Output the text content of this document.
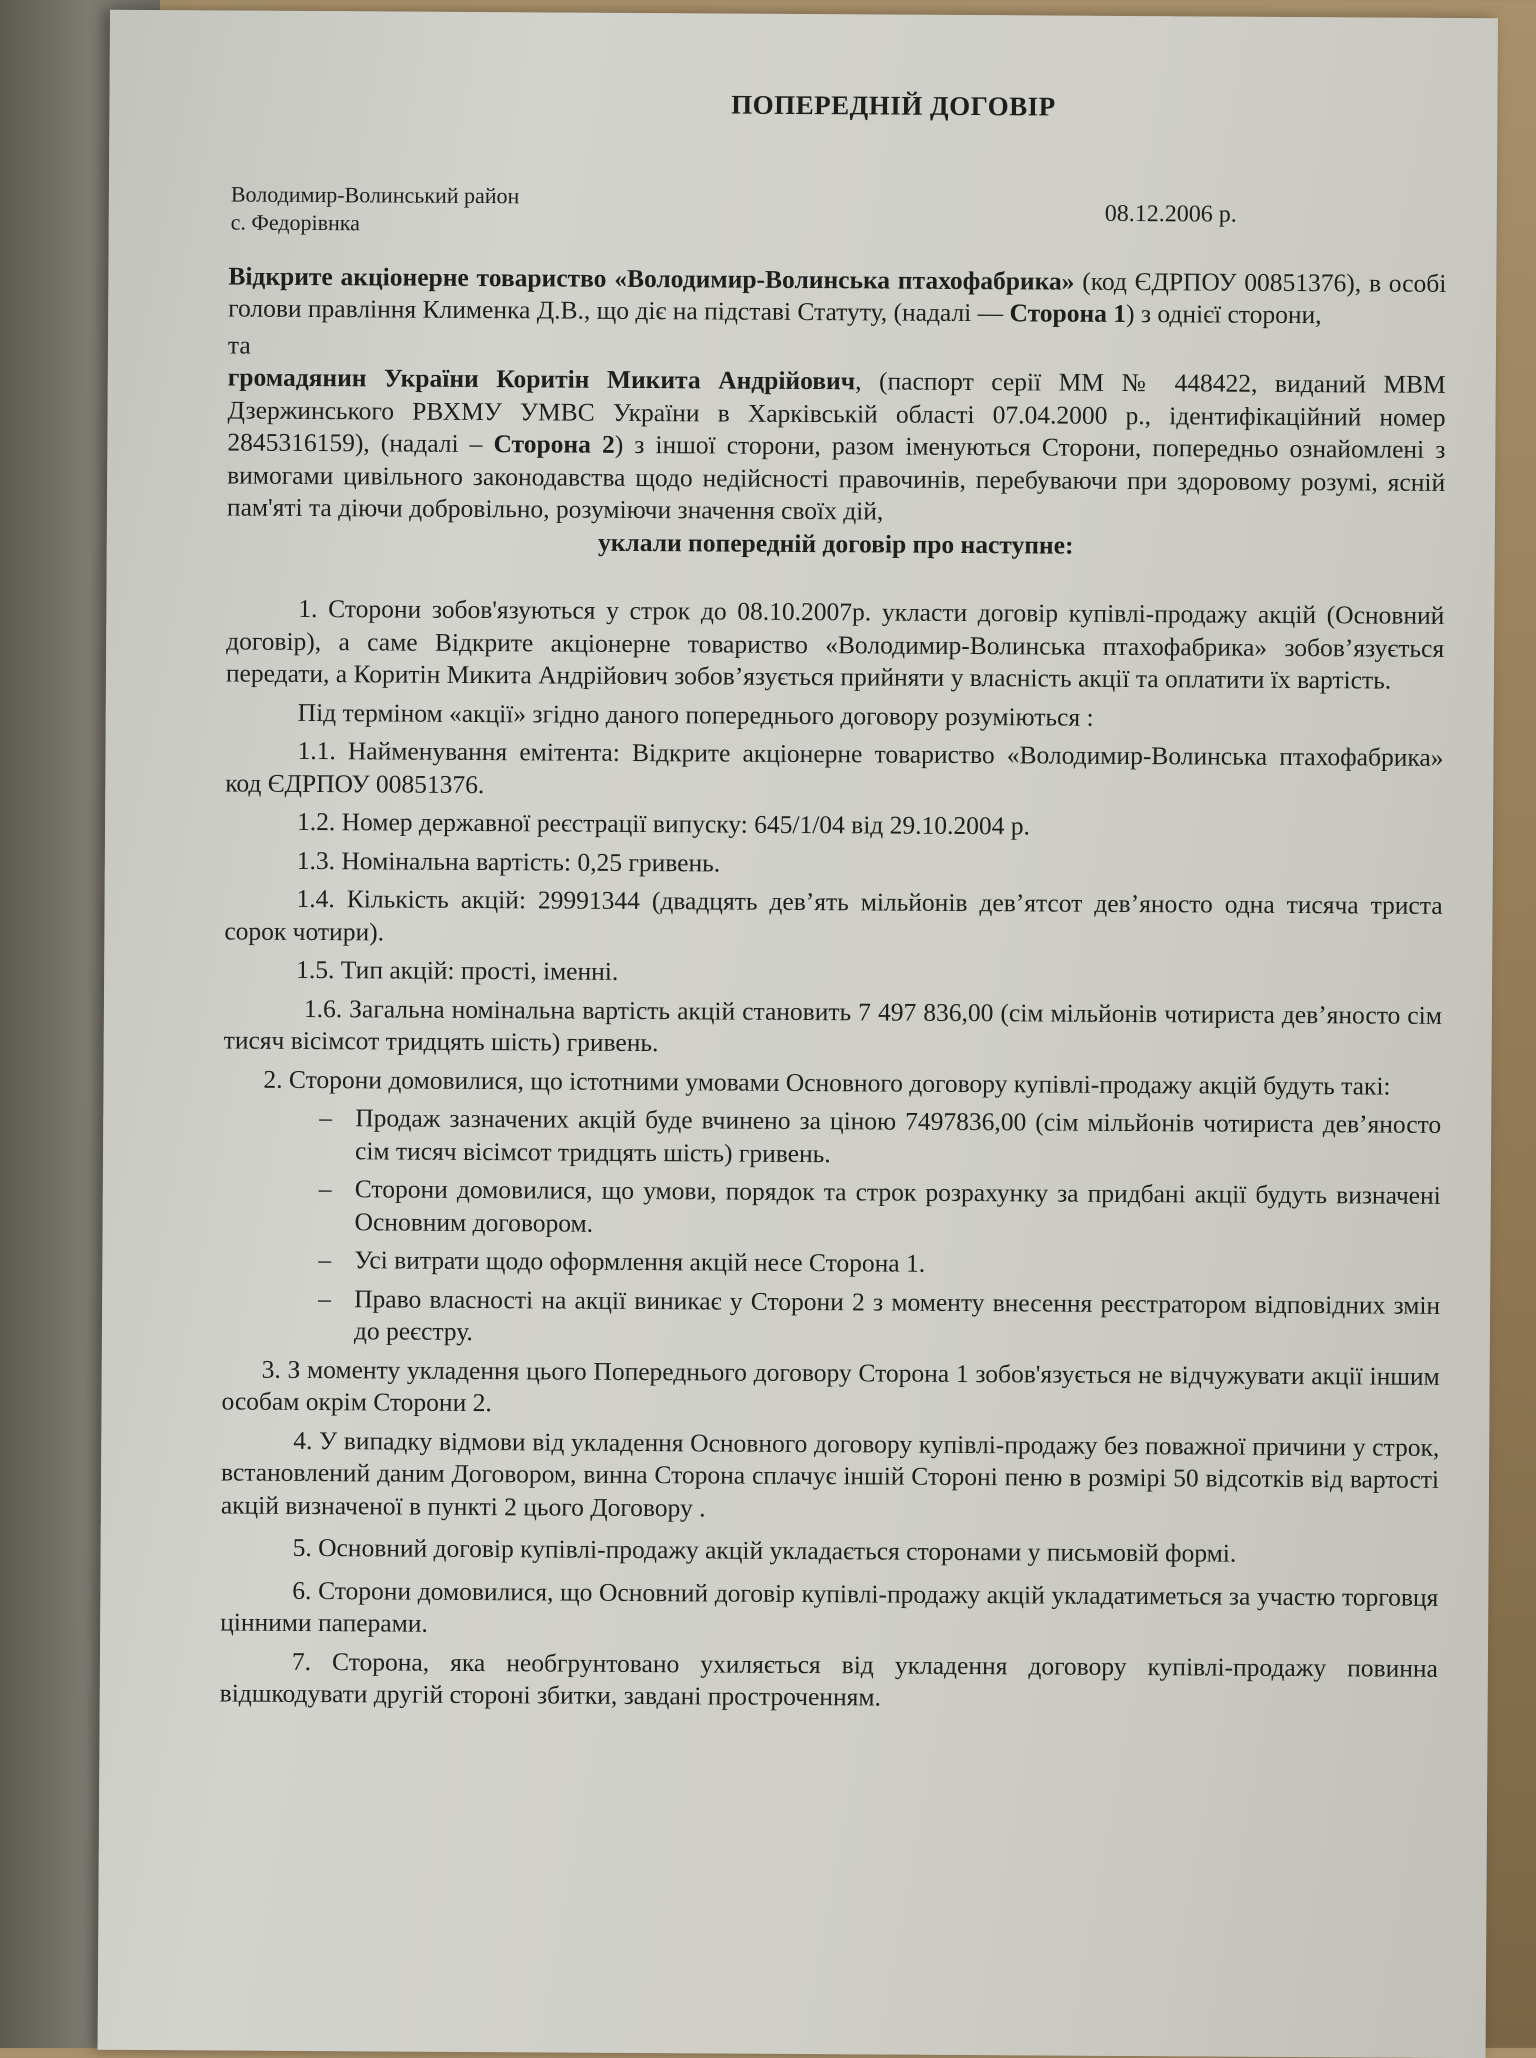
ПОПЕРЕДНІЙ ДОГОВІР
Володимир-Волинський район
с. Федорівнка	08.12.2006 р.

Відкрите акціонерне товариство «Володимир-Волинська птахофабрика» (код ЄДРПОУ 00851376), в особі голови правління Клименка Д.В., що діє на підставі Статуту, (надалі — Сторона 1) з однієї сторони,

та

громадянин України Коритін Микита Андрійович, (паспорт серії ММ № 448422, виданий МВМ Дзержинського РВХМУ УМВС України в Харківській області 07.04.2000 р., ідентифікаційний номер 2845316159), (надалі – Сторона 2) з іншої сторони, разом іменуються Сторони, попередньо ознайомлені з вимогами цивільного законодавства щодо недійсності правочинів, перебуваючи при здоровому розумі, ясній пам'яті та діючи добровільно, розуміючи значення своїх дій,

уклали попередній договір про наступне:

1. Сторони зобов'язуються у строк до 08.10.2007р. укласти договір купівлі-продажу акцій (Основний договір), а саме Відкрите акціонерне товариство «Володимир-Волинська птахофабрика» зобов’язується передати, а Коритін Микита Андрійович зобов’язується прийняти у власність акції та оплатити їх вартість.

Під терміном «акції» згідно даного попереднього договору розуміються :

1.1. Найменування емітента: Відкрите акціонерне товариство «Володимир-Волинська птахофабрика» код ЄДРПОУ 00851376.

1.2. Номер державної реєстрації випуску: 645/1/04 від 29.10.2004 р.

1.3. Номінальна вартість: 0,25 гривень.

1.4. Кількість акцій: 29991344 (двадцять дев’ять мільйонів дев’ятсот дев’яносто одна тисяча триста сорок чотири).

1.5. Тип акцій: прості, іменні.

1.6. Загальна номінальна вартість акцій становить 7 497 836,00 (сім мільйонів чотириста дев’яносто сім тисяч вісімсот тридцять шість) гривень.

2. Сторони домовилися, що істотними умовами Основного договору купівлі-продажу акцій будуть такі:

– Продаж зазначених акцій буде вчинено за ціною 7497836,00 (сім мільйонів чотириста дев’яносто сім тисяч вісімсот тридцять шість) гривень.
– Сторони домовилися, що умови, порядок та строк розрахунку за придбані акції будуть визначені Основним договором.
– Усі витрати щодо оформлення акцій несе Сторона 1.
– Право власності на акції виникає у Сторони 2 з моменту внесення реєстратором відповідних змін до реєстру.

3. З моменту укладення цього Попереднього договору Сторона 1 зобов'язується не відчужувати акції іншим особам окрім Сторони 2.

4. У випадку відмови від укладення Основного договору купівлі-продажу без поважної причини у строк, встановлений даним Договором, винна Сторона сплачує іншій Стороні пеню в розмірі 50 відсотків від вартості акцій визначеної в пункті 2 цього Договору .

5. Основний договір купівлі-продажу акцій укладається сторонами у письмовій формі.

6. Сторони домовилися, що Основний договір купівлі-продажу акцій укладатиметься за участю торговця цінними паперами.

7. Сторона, яка необгрунтовано ухиляється від укладення договору купівлі-продажу повинна відшкодувати другій стороні збитки, завдані простроченням.
